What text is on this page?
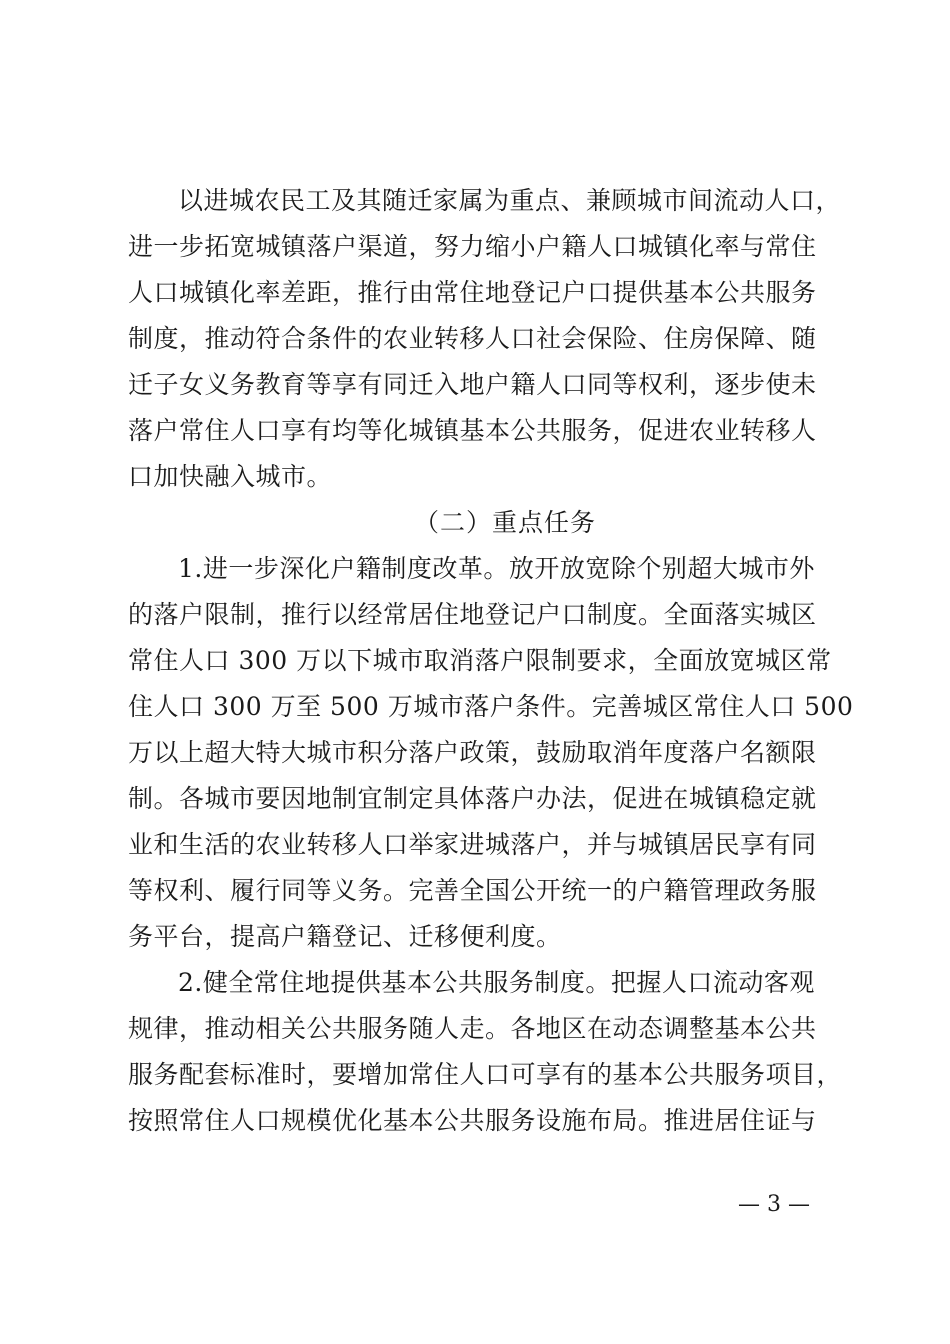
以进城农民工及其随迁家属为重点、兼顾城市间流动人口，
进一步拓宽城镇落户渠道，努力缩小户籍人口城镇化率与常住
人口城镇化率差距，推行由常住地登记户口提供基本公共服务
制度，推动符合条件的农业转移人口社会保险、住房保障、随
迁子女义务教育等享有同迁入地户籍人口同等权利，逐步使未
落户常住人口享有均等化城镇基本公共服务，促进农业转移人
口加快融入城市。
（二）重点任务
1.进一步深化户籍制度改革。放开放宽除个别超大城市外
的落户限制，推行以经常居住地登记户口制度。全面落实城区
常住人口 300 万以下城市取消落户限制要求，全面放宽城区常
住人口 300 万至 500 万城市落户条件。完善城区常住人口 500
万以上超大特大城市积分落户政策，鼓励取消年度落户名额限
制。各城市要因地制宜制定具体落户办法，促进在城镇稳定就
业和生活的农业转移人口举家进城落户，并与城镇居民享有同
等权利、履行同等义务。完善全国公开统一的户籍管理政务服
务平台，提高户籍登记、迁移便利度。
2.健全常住地提供基本公共服务制度。把握人口流动客观
规律，推动相关公共服务随人走。各地区在动态调整基本公共
服务配套标准时，要增加常住人口可享有的基本公共服务项目，
按照常住人口规模优化基本公共服务设施布局。推进居住证与
— 3 —
